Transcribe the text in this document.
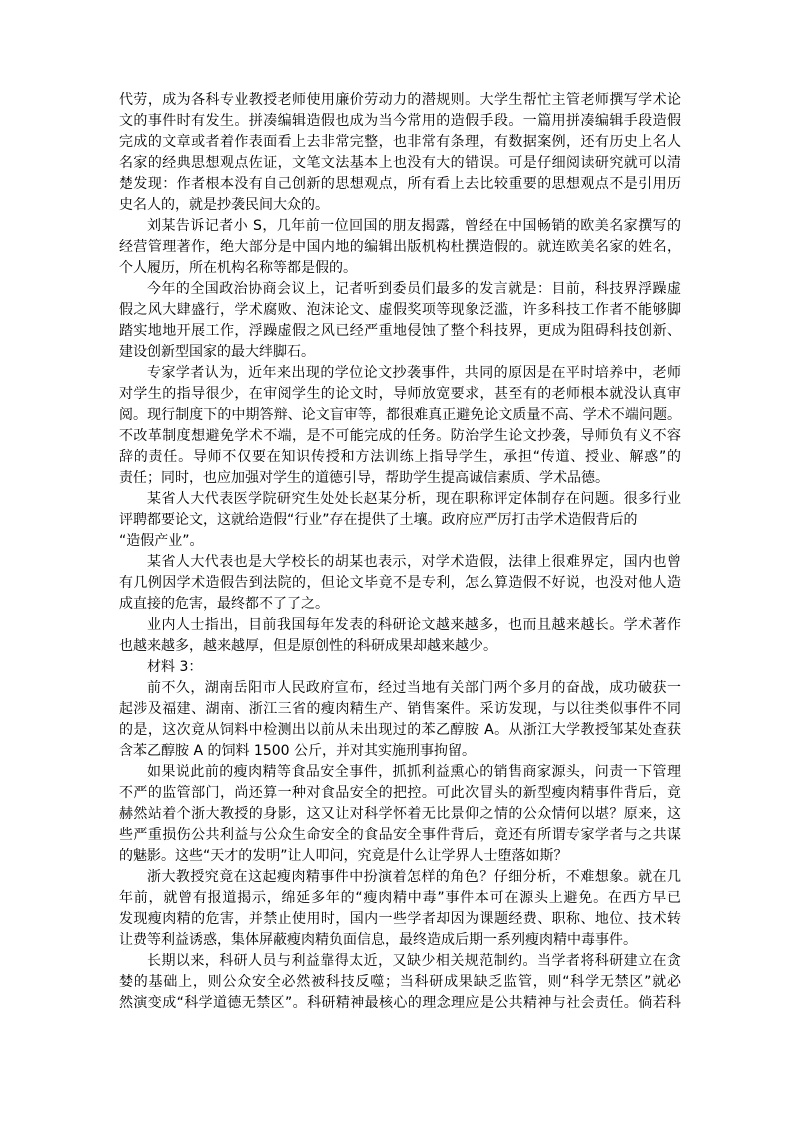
代劳，成为各科专业教授老师使用廉价劳动力的潜规则。大学生帮忙主管老师撰写学术论
文的事件时有发生。拼凑编辑造假也成为当今常用的造假手段。一篇用拼凑编辑手段造假
完成的文章或者着作表面看上去非常完整，也非常有条理，有数据案例，还有历史上名人
名家的经典思想观点佐证，文笔文法基本上也没有大的错误。可是仔细阅读研究就可以清
楚发现：作者根本没有自己创新的思想观点，所有看上去比较重要的思想观点不是引用历
史名人的，就是抄袭民间大众的。
刘某告诉记者小 S，几年前一位回国的朋友揭露，曾经在中国畅销的欧美名家撰写的
经营管理著作，绝大部分是中国内地的编辑出版机构杜撰造假的。就连欧美名家的姓名，
个人履历，所在机构名称等都是假的。
今年的全国政治协商会议上，记者听到委员们最多的发言就是：目前，科技界浮躁虚
假之风大肆盛行，学术腐败、泡沫论文、虚假奖项等现象泛滥，许多科技工作者不能够脚
踏实地地开展工作，浮躁虚假之风已经严重地侵蚀了整个科技界，更成为阻碍科技创新、
建设创新型国家的最大绊脚石。
专家学者认为，近年来出现的学位论文抄袭事件，共同的原因是在平时培养中，老师
对学生的指导很少，在审阅学生的论文时，导师放宽要求，甚至有的老师根本就没认真审
阅。现行制度下的中期答辩、论文盲审等，都很难真正避免论文质量不高、学术不端问题。
不改革制度想避免学术不端，是不可能完成的任务。防治学生论文抄袭，导师负有义不容
辞的责任。导师不仅要在知识传授和方法训练上指导学生，承担“传道、授业、解惑”的
责任；同时，也应加强对学生的道德引导，帮助学生提高诚信素质、学术品德。
某省人大代表医学院研究生处处长赵某分析，现在职称评定体制存在问题。很多行业
评聘都要论文，这就给造假“行业”存在提供了土壤。政府应严厉打击学术造假背后的
“造假产业”。
某省人大代表也是大学校长的胡某也表示，对学术造假，法律上很难界定，国内也曾
有几例因学术造假告到法院的，但论文毕竟不是专利，怎么算造假不好说，也没对他人造
成直接的危害，最终都不了了之。
业内人士指出，目前我国每年发表的科研论文越来越多，也而且越来越长。学术著作
也越来越多，越来越厚，但是原创性的科研成果却越来越少。
材料 3：
前不久，湖南岳阳市人民政府宣布，经过当地有关部门两个多月的奋战，成功破获一
起涉及福建、湖南、浙江三省的瘦肉精生产、销售案件。采访发现，与以往类似事件不同
的是，这次竟从饲料中检测出以前从未出现过的苯乙醇胺 A。从浙江大学教授邹某处查获
含苯乙醇胺 A 的饲料 1500 公斤，并对其实施刑事拘留。
如果说此前的瘦肉精等食品安全事件，抓抓利益熏心的销售商家源头，问责一下管理
不严的监管部门，尚还算一种对食品安全的把控。可此次冒头的新型瘦肉精事件背后，竟
赫然站着个浙大教授的身影，这又让对科学怀着无比景仰之情的公众情何以堪？原来，这
些严重损伤公共利益与公众生命安全的食品安全事件背后，竟还有所谓专家学者与之共谋
的魅影。这些“天才的发明”让人叩问，究竟是什么让学界人士堕落如斯？
浙大教授究竟在这起瘦肉精事件中扮演着怎样的角色？仔细分析，不难想象。就在几
年前，就曾有报道揭示，绵延多年的“瘦肉精中毒”事件本可在源头上避免。在西方早已
发现瘦肉精的危害，并禁止使用时，国内一些学者却因为课题经费、职称、地位、技术转
让费等利益诱惑，集体屏蔽瘦肉精负面信息，最终造成后期一系列瘦肉精中毒事件。
长期以来，科研人员与利益靠得太近，又缺少相关规范制约。当学者将科研建立在贪
婪的基础上，则公众安全必然被科技反噬；当科研成果缺乏监管，则“科学无禁区”就必
然演变成“科学道德无禁区”。科研精神最核心的理念理应是公共精神与社会责任。倘若科
